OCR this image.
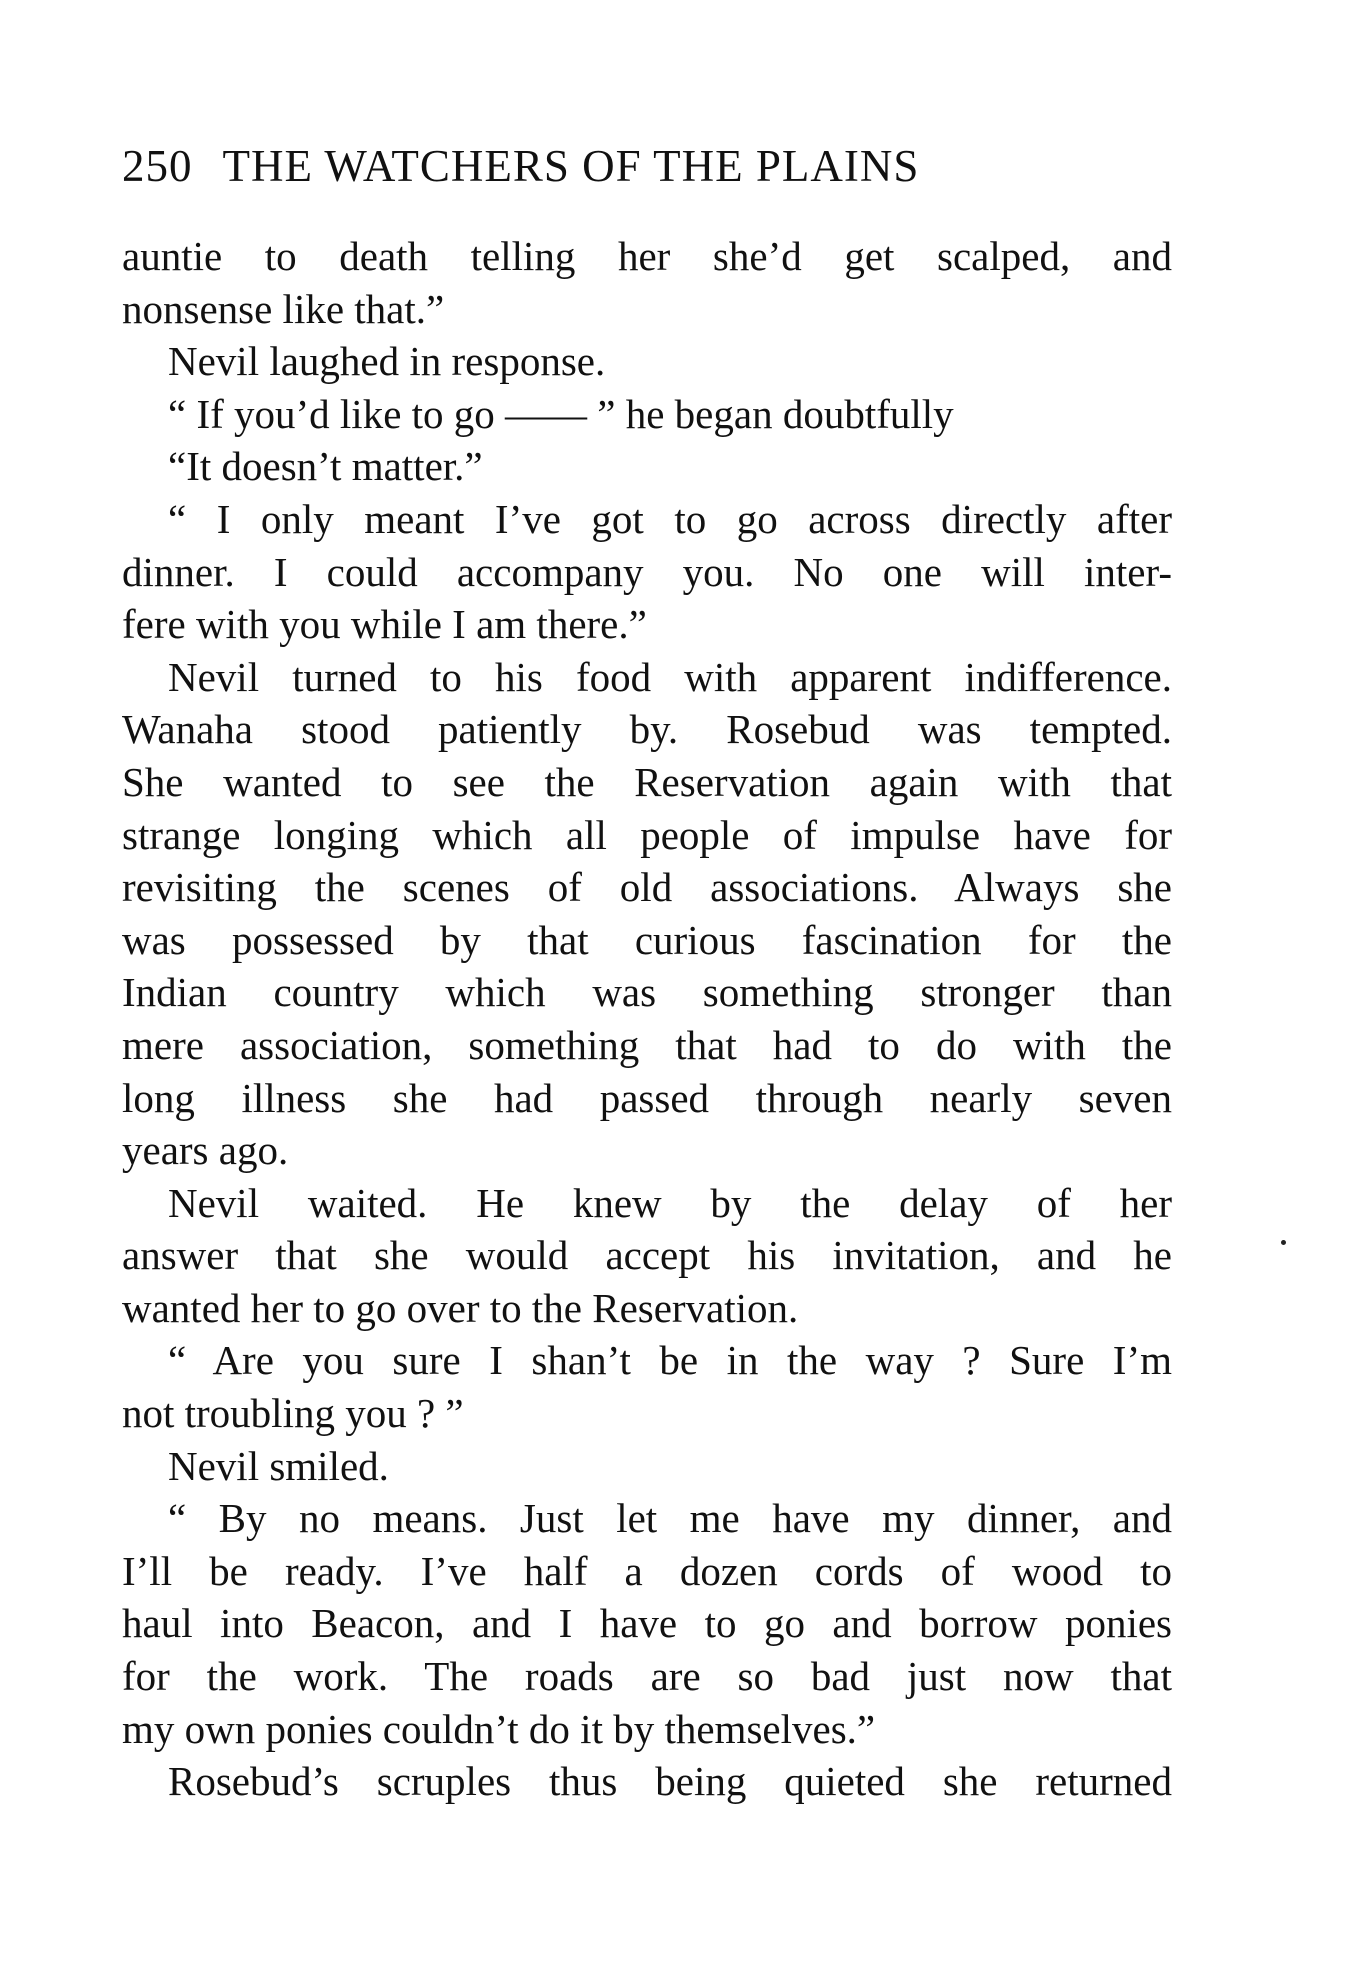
250 THE WATCHERS OF THE PLAINS
auntie to death telling her she’d get scalped, and
nonsense like that.”
Nevil laughed in response.
“ If you’d like to go —— ” he began doubtfully
“It doesn’t matter.”
“ I only meant I’ve got to go across directly after
dinner. I could accompany you. No one will inter-
fere with you while I am there.”
Nevil turned to his food with apparent indifference.
Wanaha stood patiently by. Rosebud was tempted.
She wanted to see the Reservation again with that
strange longing which all people of impulse have for
revisiting the scenes of old associations. Always she
was possessed by that curious fascination for the
Indian country which was something stronger than
mere association, something that had to do with the
long illness she had passed through nearly seven
years ago.
Nevil waited. He knew by the delay of her
answer that she would accept his invitation, and he
wanted her to go over to the Reservation.
“ Are you sure I shan’t be in the way ? Sure I’m
not troubling you ? ”
Nevil smiled.
“ By no means. Just let me have my dinner, and
I’ll be ready. I’ve half a dozen cords of wood to
haul into Beacon, and I have to go and borrow ponies
for the work. The roads are so bad just now that
my own ponies couldn’t do it by themselves.”
Rosebud’s scruples thus being quieted she returned
